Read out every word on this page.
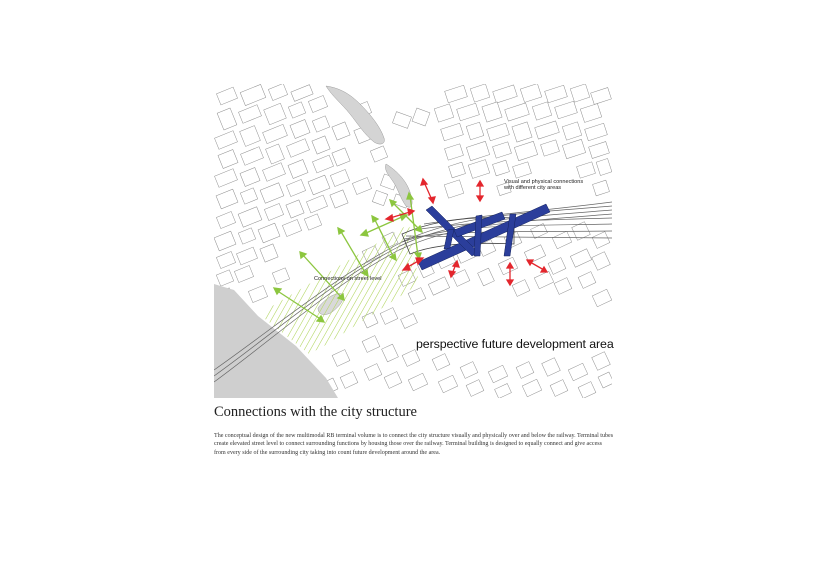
Visual and physical connections with different city areas
Connections on street level
perspective future development area
Connections with the city structure
The conceptual design of the new multimodal RB terminal volume is to connect the city structure visually and physically over and below the railway. Terminal tubes create elevated street level to connect surrounding functions by housing those over the railway. Terminal building is designed to equally connect and give access from every side of the surrounding city taking into count future development around the area.
